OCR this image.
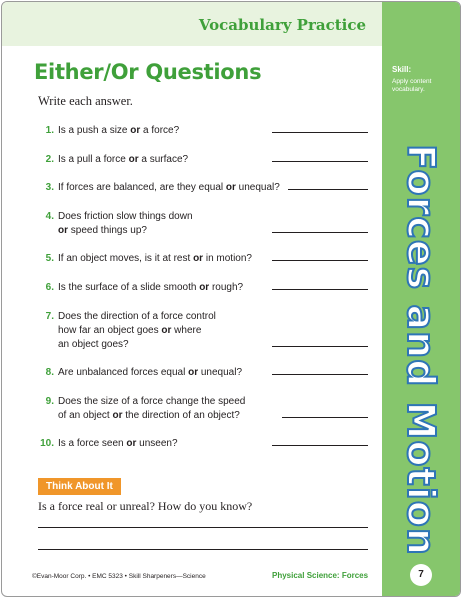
Vocabulary Practice
Either/Or Questions
Write each answer.
1. Is a push a size or a force?
2. Is a pull a force or a surface?
3. If forces are balanced, are they equal or unequal?
4. Does friction slow things down
or speed things up?
5. If an object moves, is it at rest or in motion?
6. Is the surface of a slide smooth or rough?
7. Does the direction of a force control
how far an object goes or where
an object goes?
8. Are unbalanced forces equal or unequal?
9. Does the size of a force change the speed
of an object or the direction of an object?
10. Is a force seen or unseen?
Think About It
Is a force real or unreal? How do you know?
©Evan-Moor Corp. • EMC 5323 • Skill Sharpeners—Science	Physical Science: Forces
Skill:
Apply content vocabulary.
Forces and Motion
7
